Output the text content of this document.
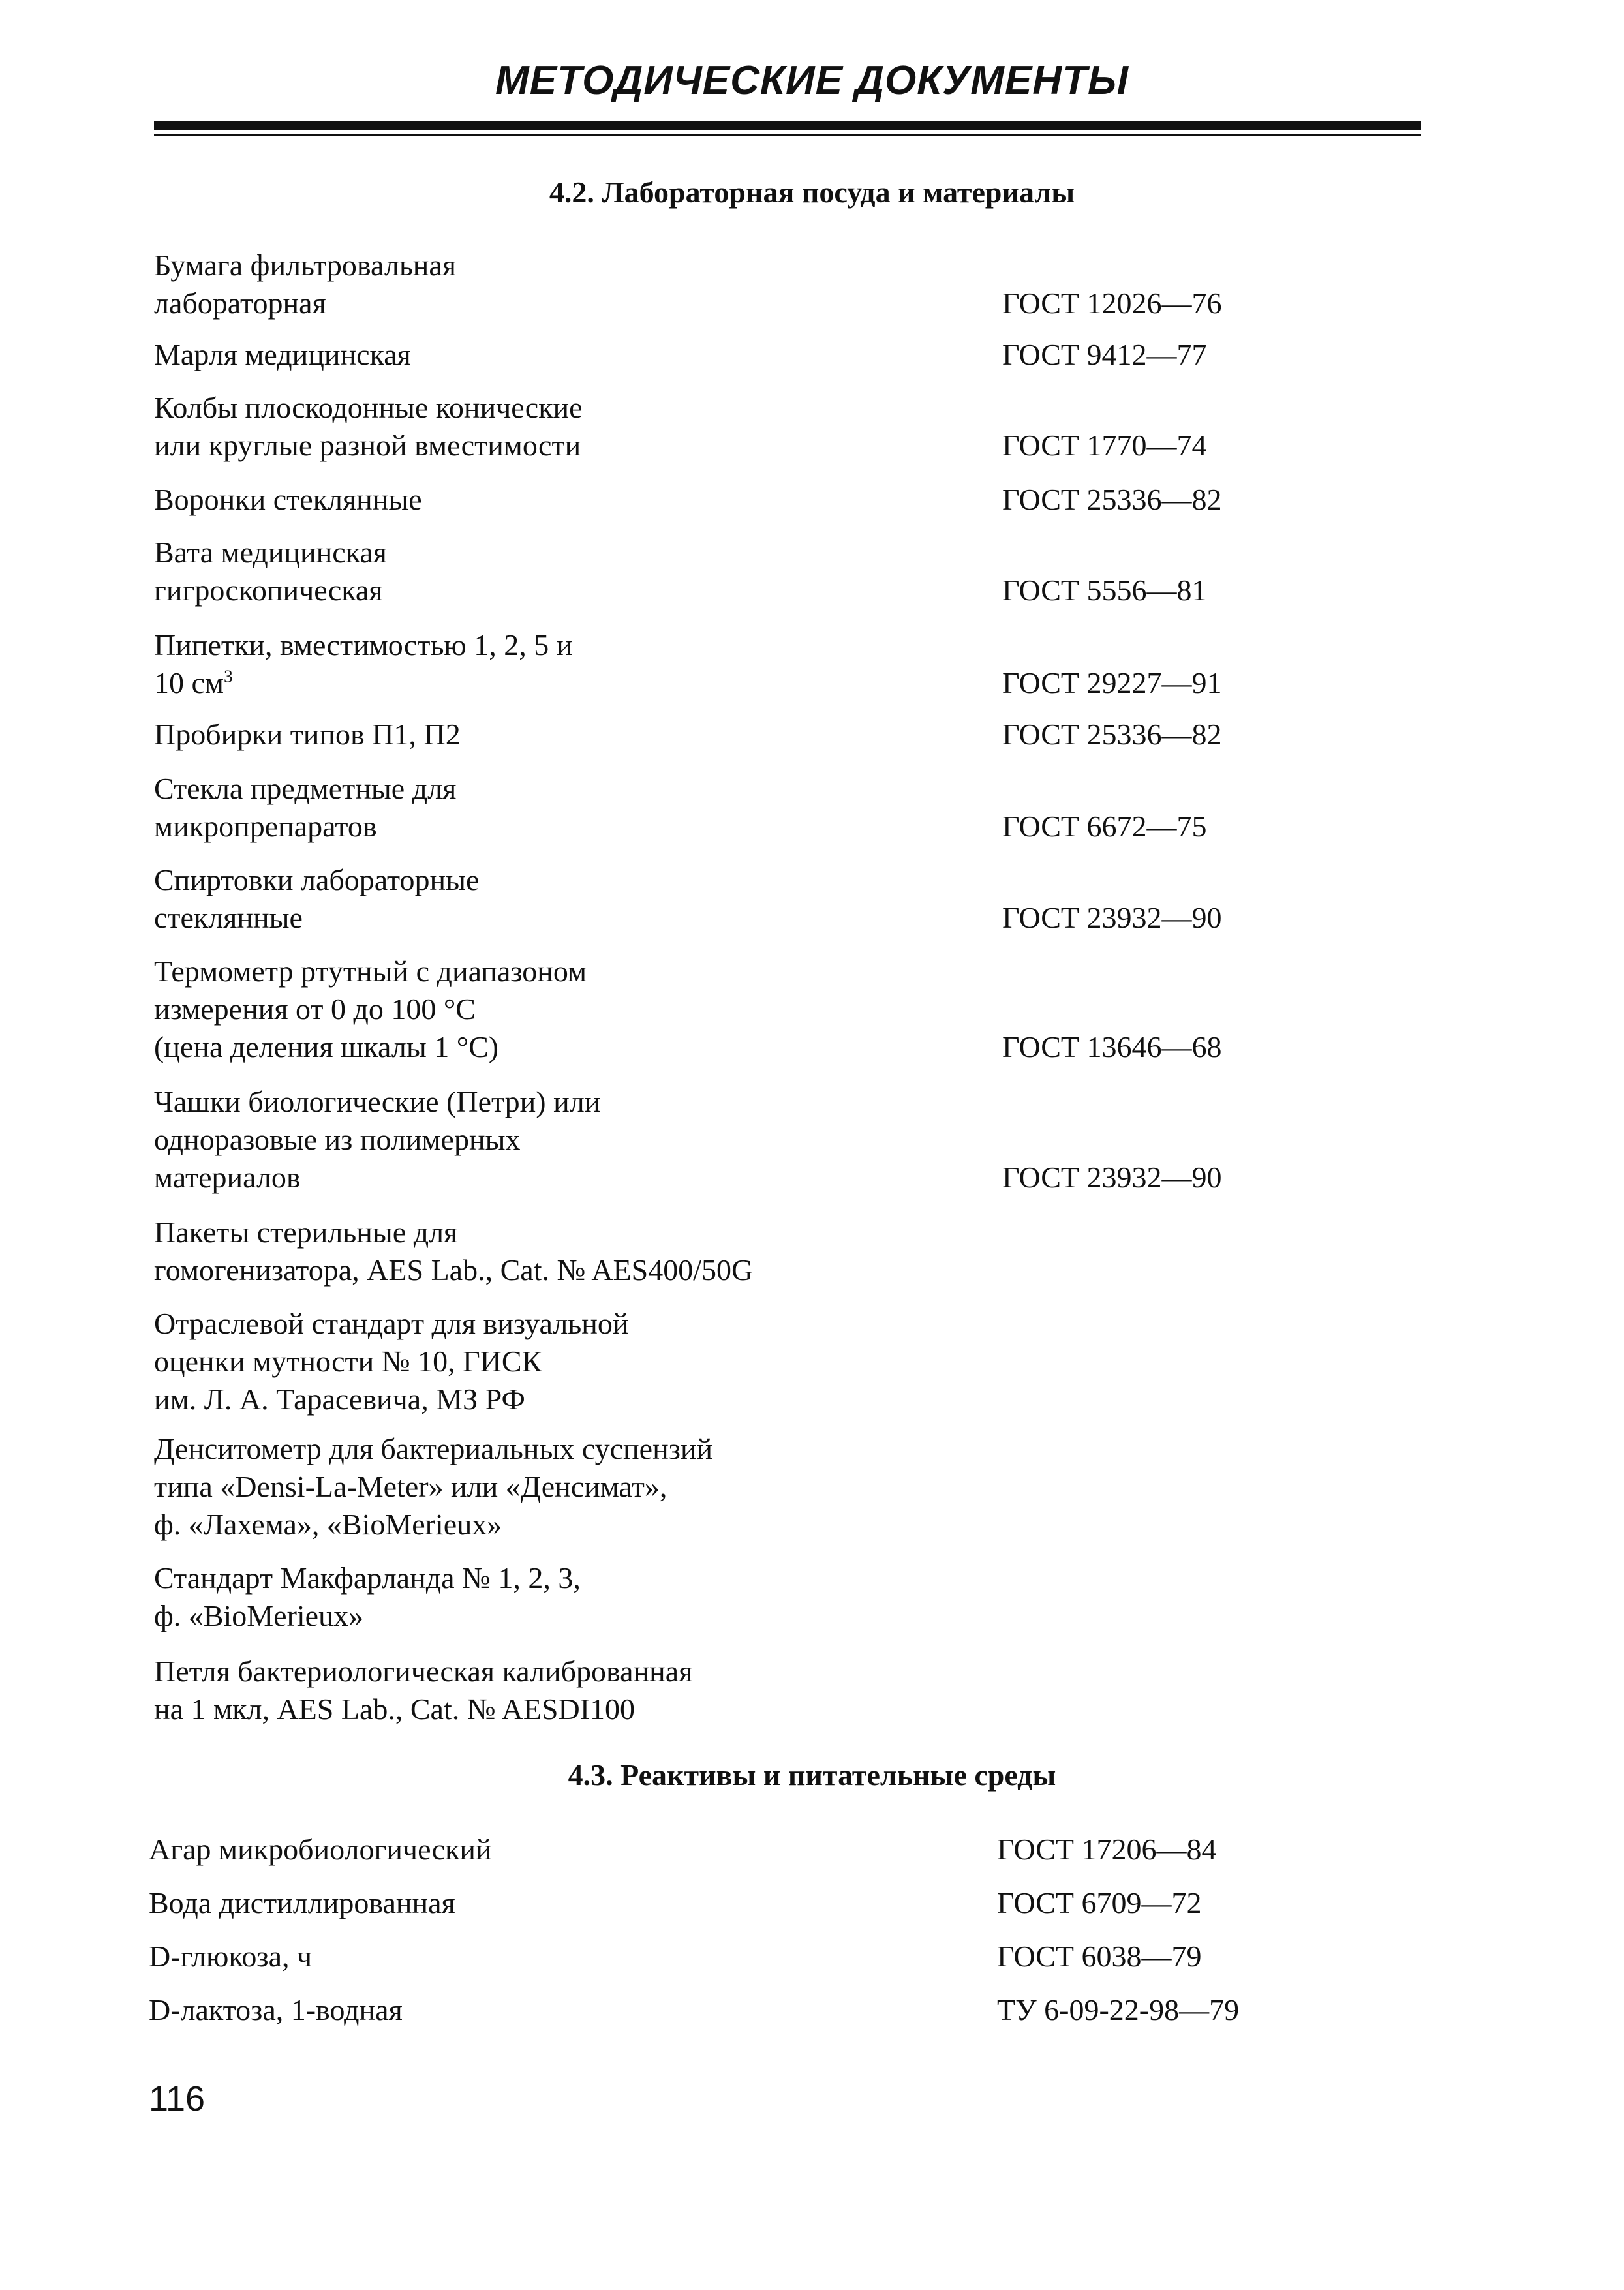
МЕТОДИЧЕСКИЕ ДОКУМЕНТЫ
4.2. Лабораторная посуда и материалы
Бумага фильтровальная
лабораторная	ГОСТ 12026—76
Марля медицинская	ГОСТ 9412—77
Колбы плоскодонные конические
или круглые разной вместимости	ГОСТ 1770—74
Воронки стеклянные	ГОСТ 25336—82
Вата медицинская
гигроскопическая	ГОСТ 5556—81
Пипетки, вместимостью 1, 2, 5 и
10 $см^3$	ГОСТ 29227—91
Пробирки типов П1, П2	ГОСТ 25336—82
Стекла предметные для
микропрепаратов	ГОСТ 6672—75
Спиртовки лабораторные
стеклянные	ГОСТ 23932—90
Термометр ртутный с диапазоном
измерения от 0 до 100 °С
(цена деления шкалы 1 °С)	ГОСТ 13646—68
Чашки биологические (Петри) или
одноразовые из полимерных
материалов	ГОСТ 23932—90
Пакеты стерильные для
гомогенизатора, AES Lab., Cat. № AES400/50G
Отраслевой стандарт для визуальной
оценки мутности № 10, ГИСК
им. Л. А. Тарасевича, МЗ РФ
Денситометр для бактериальных суспензий
типа «Densi-La-Meter» или «Денсимат»,
ф. «Лахема», «BioMerieux»
Стандарт Макфарланда № 1, 2, 3,
ф. «BioMerieux»
Петля бактериологическая калиброванная
на 1 мкл, AES Lab., Cat. № AESDI100
4.3. Реактивы и питательные среды
Агар микробиологический	ГОСТ 17206—84
Вода дистиллированная	ГОСТ 6709—72
D-глюкоза, ч	ГОСТ 6038—79
D-лактоза, 1-водная	ТУ 6-09-22-98—79
116
